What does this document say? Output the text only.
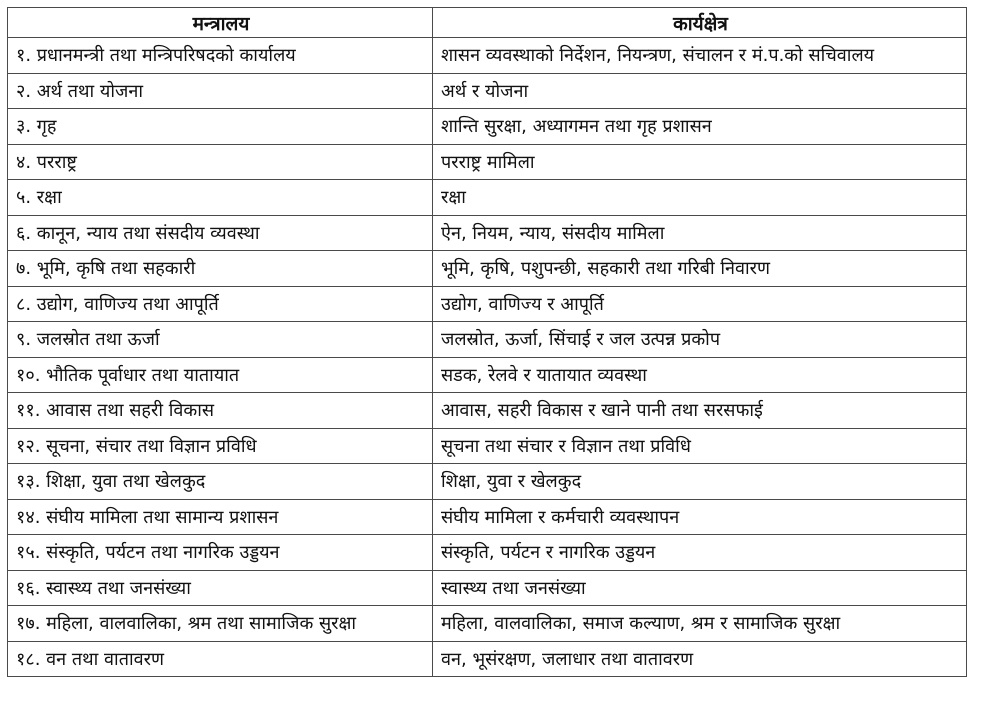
मन्त्रालय	कार्यक्षेत्र
१. प्रधानमन्त्री तथा मन्त्रिपरिषदको कार्यालय	शासन व्यवस्थाको निर्देशन, नियन्त्रण, संचालन र मं.प.को सचिवालय
२. अर्थ तथा योजना	अर्थ र योजना
३. गृह	शान्ति सुरक्षा, अध्यागमन तथा गृह प्रशासन
४. परराष्ट्र	परराष्ट्र मामिला
५. रक्षा	रक्षा
६. कानून, न्याय तथा संसदीय व्यवस्था	ऐन, नियम, न्याय, संसदीय मामिला
७. भूमि, कृषि तथा सहकारी	भूमि, कृषि, पशुपन्छी, सहकारी तथा गरिबी निवारण
८. उद्योग, वाणिज्य तथा आपूर्ति	उद्योग, वाणिज्य र आपूर्ति
९. जलस्रोत तथा ऊर्जा	जलस्रोत, ऊर्जा, सिंचाई र जल उत्पन्न प्रकोप
१०. भौतिक पूर्वाधार तथा यातायात	सडक, रेलवे र यातायात व्यवस्था
११. आवास तथा सहरी विकास	आवास, सहरी विकास र खाने पानी तथा सरसफाई
१२. सूचना, संचार तथा विज्ञान प्रविधि	सूचना तथा संचार र विज्ञान तथा प्रविधि
१३. शिक्षा, युवा तथा खेलकुद	शिक्षा, युवा र खेलकुद
१४. संघीय मामिला तथा सामान्य प्रशासन	संघीय मामिला र कर्मचारी व्यवस्थापन
१५. संस्कृति, पर्यटन तथा नागरिक उड्डयन	संस्कृति, पर्यटन र नागरिक उड्डयन
१६. स्वास्थ्य तथा जनसंख्या	स्वास्थ्य तथा जनसंख्या
१७. महिला, वालवालिका, श्रम तथा सामाजिक सुरक्षा	महिला, वालवालिका, समाज कल्याण, श्रम र सामाजिक सुरक्षा
१८. वन तथा वातावरण	वन, भूसंरक्षण, जलाधार तथा वातावरण
